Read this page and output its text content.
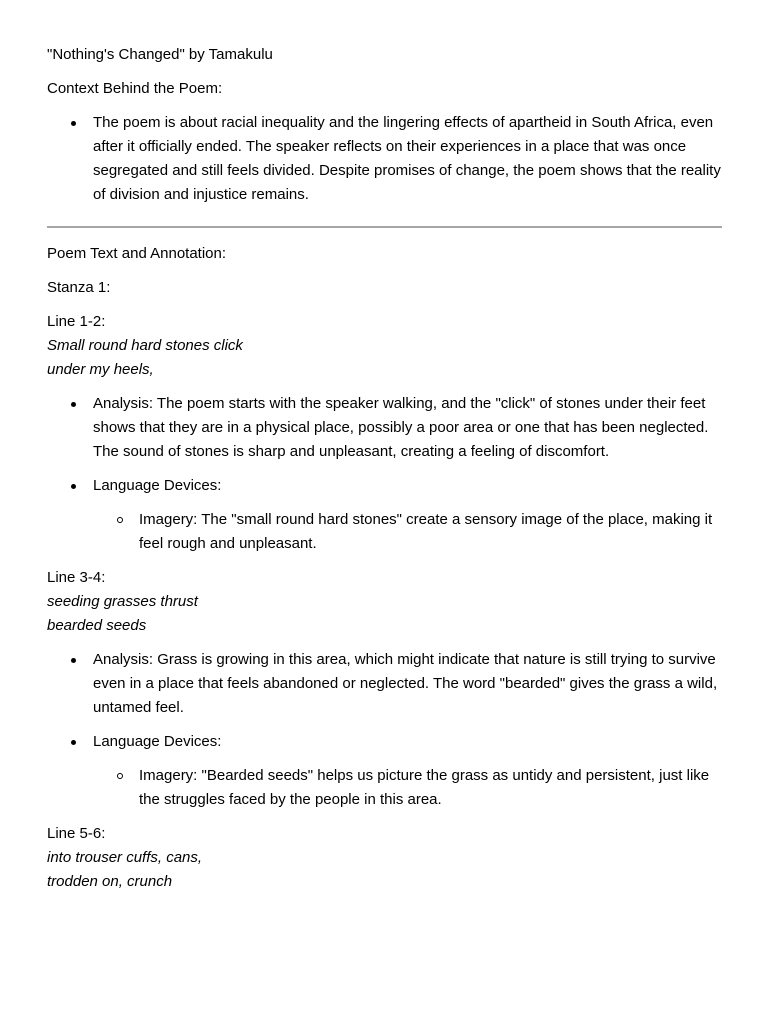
"Nothing's Changed" by Tamakulu

Context Behind the Poem:

The poem is about racial inequality and the lingering effects of apartheid in South Africa, even after it officially ended. The speaker reflects on their experiences in a place that was once segregated and still feels divided. Despite promises of change, the poem shows that the reality of division and injustice remains.

Poem Text and Annotation:

Stanza 1:

Line 1-2:

Small round hard stones click

under my heels,

Analysis: The poem starts with the speaker walking, and the "click" of stones under their feet shows that they are in a physical place, possibly a poor area or one that has been neglected. The sound of stones is sharp and unpleasant, creating a feeling of discomfort.
Language Devices:
Imagery: The "small round hard stones" create a sensory image of the place, making it feel rough and unpleasant.

Line 3-4:

seeding grasses thrust

bearded seeds

Analysis: Grass is growing in this area, which might indicate that nature is still trying to survive even in a place that feels abandoned or neglected. The word "bearded" gives the grass a wild, untamed feel.
Language Devices:
Imagery: "Bearded seeds" helps us picture the grass as untidy and persistent, just like the struggles faced by the people in this area.

Line 5-6:

into trouser cuffs, cans,

trodden on, crunch
